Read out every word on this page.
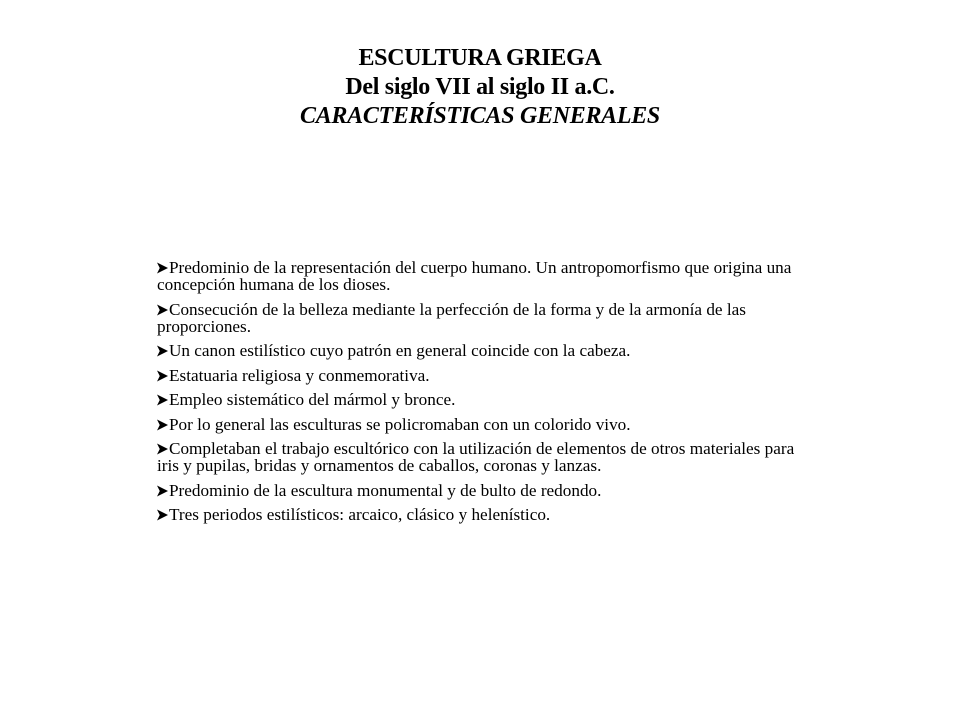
ESCULTURA GRIEGA
Del siglo VII al siglo II a.C.
CARACTERÍSTICAS GENERALES
Predominio de la representación del cuerpo humano. Un antropomorfismo que origina una concepción humana de los dioses.
Consecución de la belleza mediante la perfección de la forma y de la armonía de las proporciones.
Un canon estilístico cuyo patrón en general coincide con la cabeza.
Estatuaria religiosa y conmemorativa.
Empleo sistemático del mármol y bronce.
Por lo general las esculturas se policromaban con un colorido vivo.
Completaban el trabajo escultórico con la utilización de elementos de otros materiales para iris y pupilas, bridas y ornamentos de caballos, coronas y lanzas.
Predominio de la escultura monumental y de bulto de redondo.
Tres periodos estilísticos: arcaico, clásico y helenístico.
